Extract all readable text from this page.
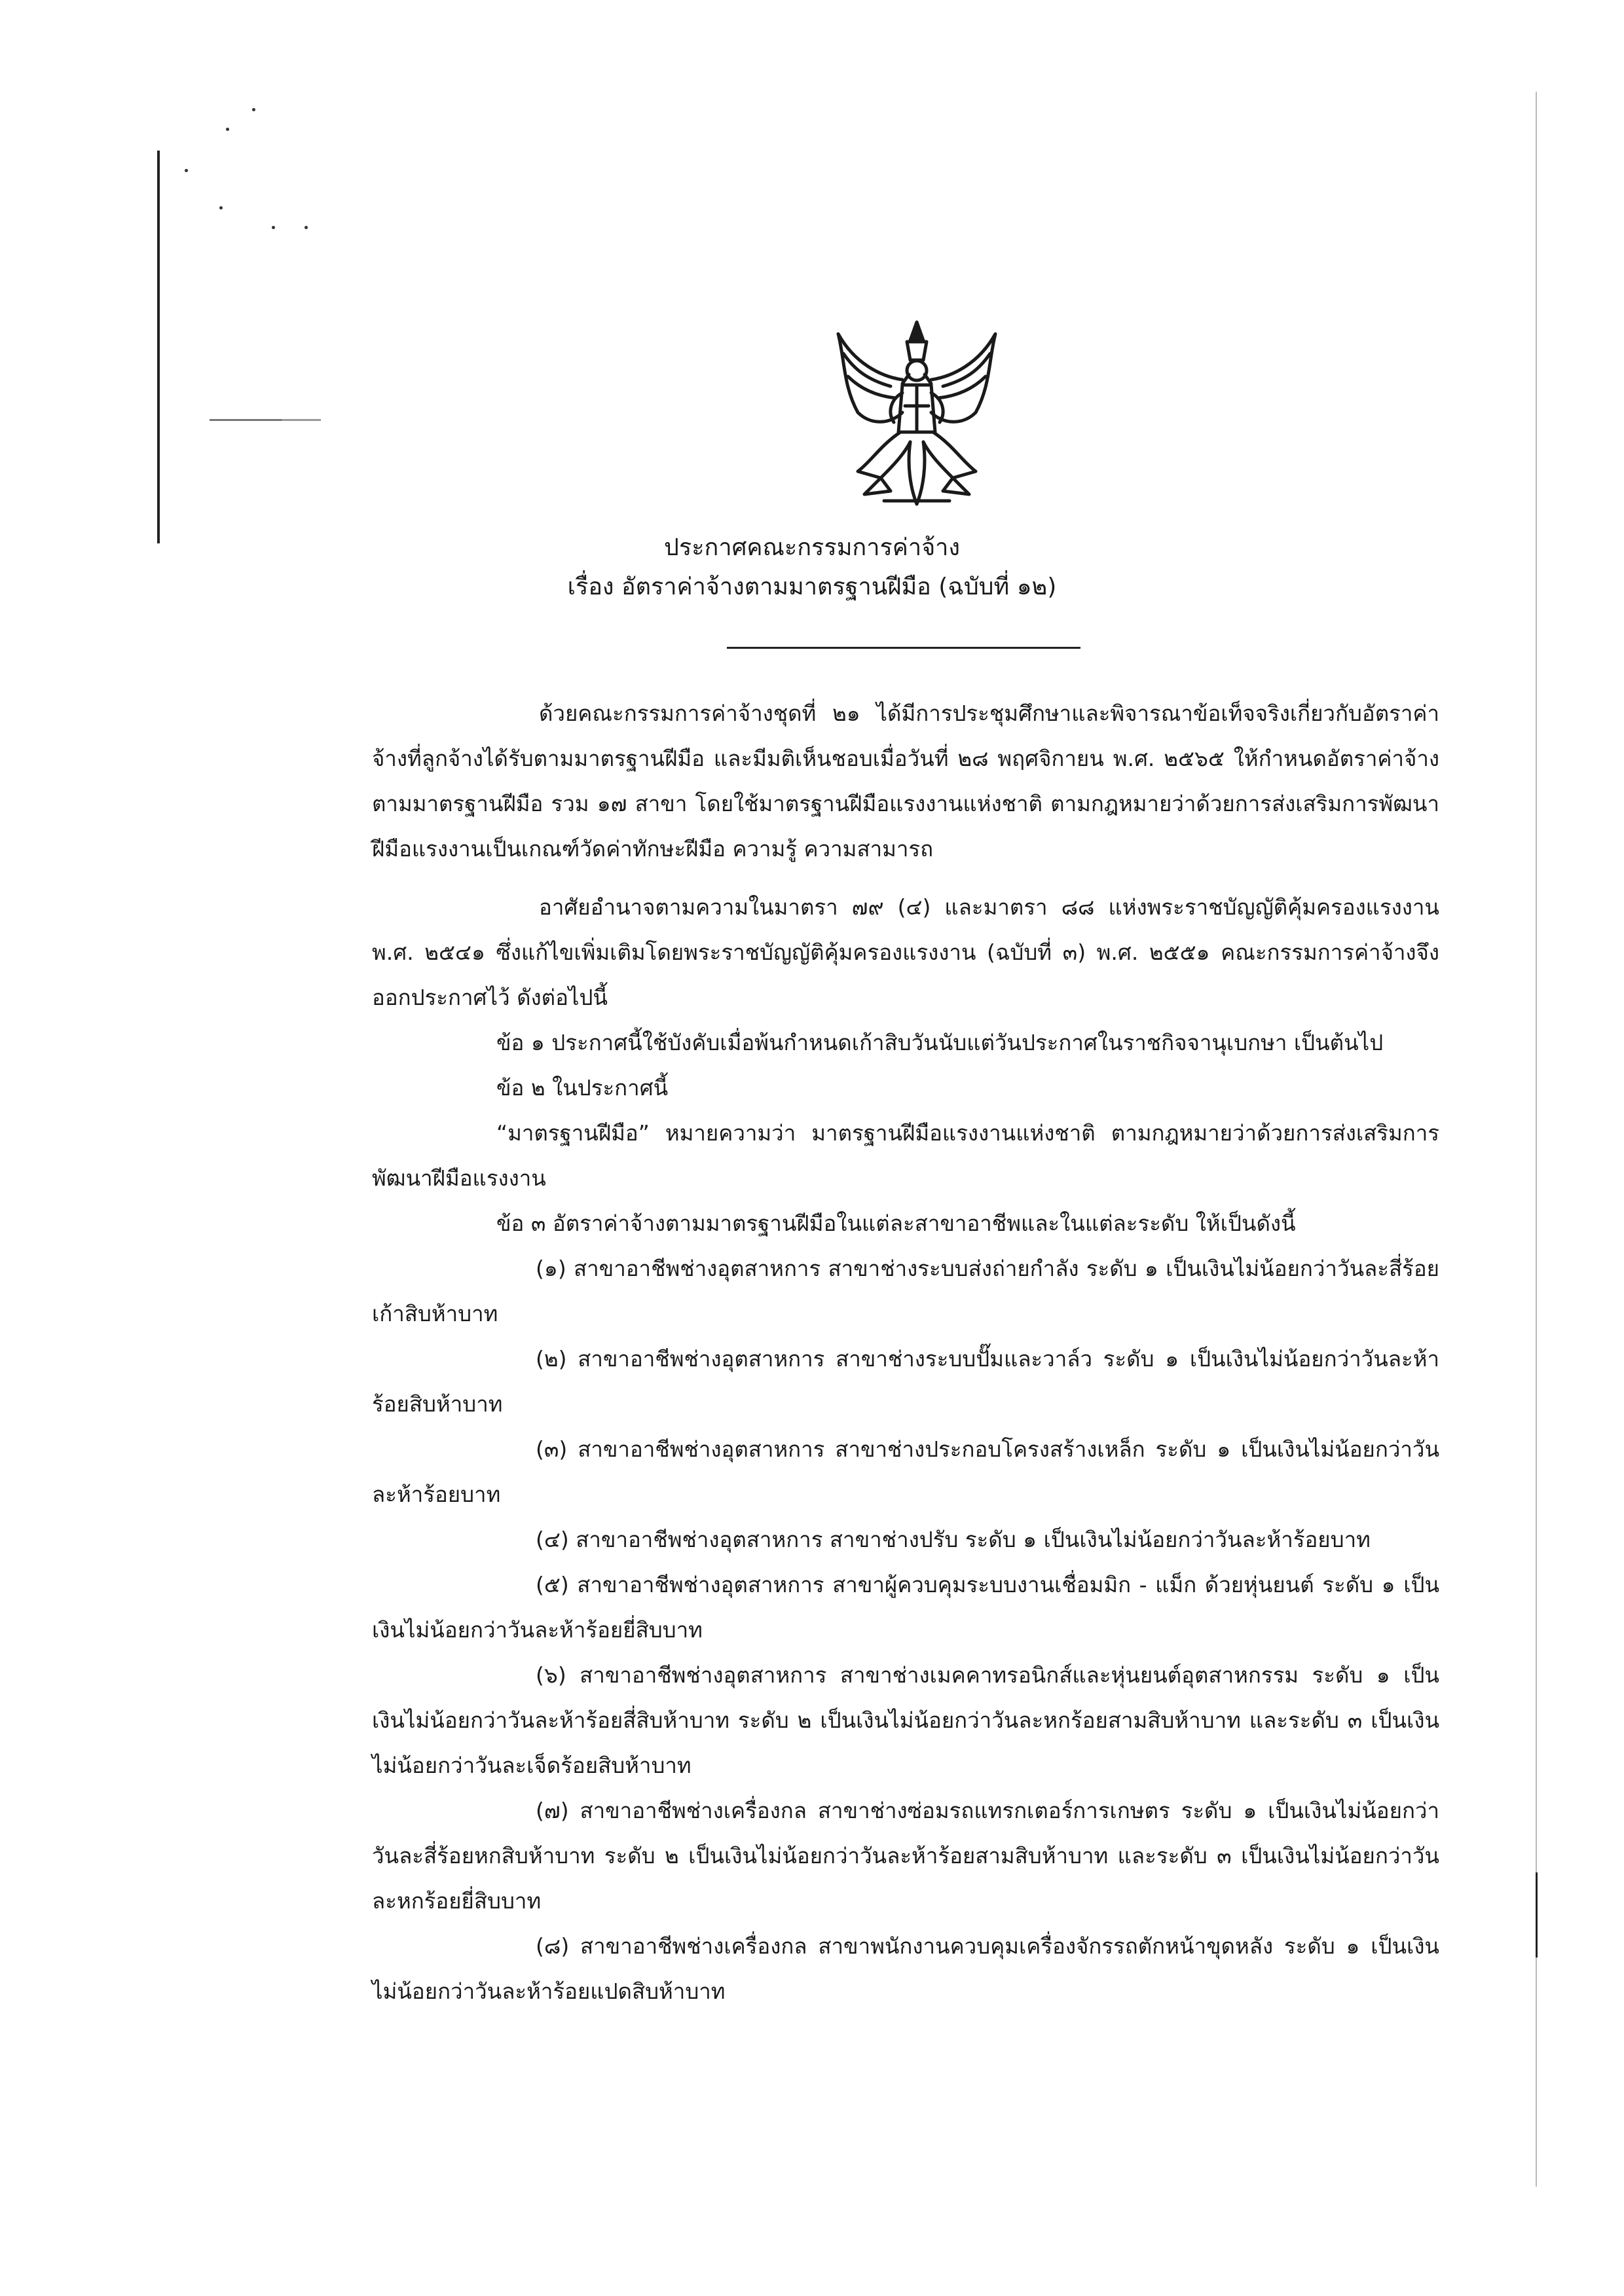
ประกาศคณะกรรมการค่าจ้าง
เรื่อง อัตราค่าจ้างตามมาตรฐานฝีมือ (ฉบับที่ ๑๒)

ด้วยคณะกรรมการค่าจ้างชุดที่ ๒๑ ได้มีการประชุมศึกษาและพิจารณาข้อเท็จจริงเกี่ยวกับอัตราค่าจ้างที่ลูกจ้างได้รับตามมาตรฐานฝีมือ และมีมติเห็นชอบเมื่อวันที่ ๒๘ พฤศจิกายน พ.ศ. ๒๕๖๕ ให้กำหนดอัตราค่าจ้างตามมาตรฐานฝีมือ รวม ๑๗ สาขา โดยใช้มาตรฐานฝีมือแรงงานแห่งชาติ ตามกฎหมายว่าด้วยการส่งเสริมการพัฒนาฝีมือแรงงานเป็นเกณฑ์วัดค่าทักษะฝีมือ ความรู้ ความสามารถ

อาศัยอำนาจตามความในมาตรา ๗๙ (๔) และมาตรา ๘๘ แห่งพระราชบัญญัติคุ้มครองแรงงาน พ.ศ. ๒๕๔๑ ซึ่งแก้ไขเพิ่มเติมโดยพระราชบัญญัติคุ้มครองแรงงาน (ฉบับที่ ๓) พ.ศ. ๒๕๕๑ คณะกรรมการค่าจ้างจึงออกประกาศไว้ ดังต่อไปนี้

ข้อ ๑ ประกาศนี้ใช้บังคับเมื่อพ้นกำหนดเก้าสิบวันนับแต่วันประกาศในราชกิจจานุเบกษา เป็นต้นไป

ข้อ ๒ ในประกาศนี้

“มาตรฐานฝีมือ” หมายความว่า มาตรฐานฝีมือแรงงานแห่งชาติ ตามกฎหมายว่าด้วยการส่งเสริมการพัฒนาฝีมือแรงงาน

ข้อ ๓ อัตราค่าจ้างตามมาตรฐานฝีมือในแต่ละสาขาอาชีพและในแต่ละระดับ ให้เป็นดังนี้

(๑) สาขาอาชีพช่างอุตสาหการ สาขาช่างระบบส่งถ่ายกำลัง ระดับ ๑ เป็นเงินไม่น้อยกว่าวันละสี่ร้อยเก้าสิบห้าบาท

(๒) สาขาอาชีพช่างอุตสาหการ สาขาช่างระบบปั๊มและวาล์ว ระดับ ๑ เป็นเงินไม่น้อยกว่าวันละห้าร้อยสิบห้าบาท

(๓) สาขาอาชีพช่างอุตสาหการ สาขาช่างประกอบโครงสร้างเหล็ก ระดับ ๑ เป็นเงินไม่น้อยกว่าวันละห้าร้อยบาท

(๔) สาขาอาชีพช่างอุตสาหการ สาขาช่างปรับ ระดับ ๑ เป็นเงินไม่น้อยกว่าวันละห้าร้อยบาท

(๕) สาขาอาชีพช่างอุตสาหการ สาขาผู้ควบคุมระบบงานเชื่อมมิก - แม็ก ด้วยหุ่นยนต์ ระดับ ๑ เป็นเงินไม่น้อยกว่าวันละห้าร้อยยี่สิบบาท

(๖) สาขาอาชีพช่างอุตสาหการ สาขาช่างเมคคาทรอนิกส์และหุ่นยนต์อุตสาหกรรม ระดับ ๑ เป็นเงินไม่น้อยกว่าวันละห้าร้อยสี่สิบห้าบาท ระดับ ๒ เป็นเงินไม่น้อยกว่าวันละหกร้อยสามสิบห้าบาท และระดับ ๓ เป็นเงินไม่น้อยกว่าวันละเจ็ดร้อยสิบห้าบาท

(๗) สาขาอาชีพช่างเครื่องกล สาขาช่างซ่อมรถแทรกเตอร์การเกษตร ระดับ ๑ เป็นเงินไม่น้อยกว่าวันละสี่ร้อยหกสิบห้าบาท ระดับ ๒ เป็นเงินไม่น้อยกว่าวันละห้าร้อยสามสิบห้าบาท และระดับ ๓ เป็นเงินไม่น้อยกว่าวันละหกร้อยยี่สิบบาท

(๘) สาขาอาชีพช่างเครื่องกล สาขาพนักงานควบคุมเครื่องจักรรถตักหน้าขุดหลัง ระดับ ๑ เป็นเงินไม่น้อยกว่าวันละห้าร้อยแปดสิบห้าบาท
